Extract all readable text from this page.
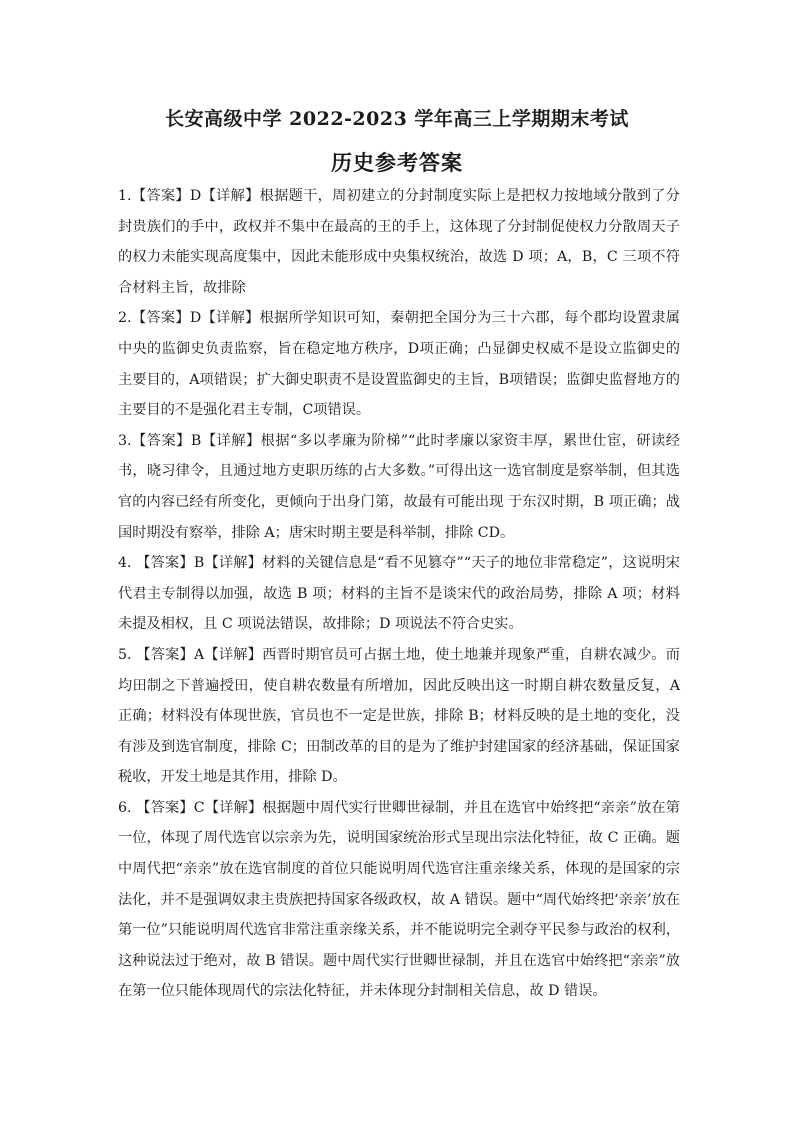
长安高级中学 2022-2023 学年高三上学期期末考试
历史参考答案

1.【答案】D【详解】根据题干，周初建立的分封制度实际上是把权力按地域分散到了分封贵族们的手中，政权并不集中在最高的王的手上，这体现了分封制促使权力分散周天子的权力未能实现高度集中，因此未能形成中央集权统治，故选 D 项；A，B，C 三项不符合材料主旨，故排除

2.【答案】D【详解】根据所学知识可知，秦朝把全国分为三十六郡，每个郡均设置隶属中央的监御史负责监察，旨在稳定地方秩序，D项正确；凸显御史权威不是设立监御史的主要目的，A项错误；扩大御史职责不是设置监御史的主旨，B项错误；监御史监督地方的主要目的不是强化君主专制，C项错误。

3.【答案】B【详解】根据“多以孝廉为阶梯”“此时孝廉以家资丰厚，累世仕宦，研读经书，晓习律令，且通过地方吏职历练的占大多数。”可得出这一选官制度是察举制，但其选官的内容已经有所变化，更倾向于出身门第，故最有可能出现 于东汉时期，B 项正确；战国时期没有察举，排除 A；唐宋时期主要是科举制，排除 CD。

4. 【答案】B【详解】材料的关键信息是“看不见篡夺”“天子的地位非常稳定”，这说明宋代君主专制得以加强，故选 B 项；材料的主旨不是谈宋代的政治局势，排除 A 项；材料未提及相权，且 C 项说法错误，故排除；D 项说法不符合史实。

5. 【答案】A【详解】西晋时期官员可占据土地，使土地兼并现象严重，自耕农减少。而均田制之下普遍授田，使自耕农数量有所增加，因此反映出这一时期自耕农数量反复，A 正确；材料没有体现世族，官员也不一定是世族，排除 B；材料反映的是土地的变化，没有涉及到选官制度，排除 C；田制改革的目的是为了维护封建国家的经济基础，保证国家税收，开发土地是其作用，排除 D。

6. 【答案】C【详解】根据题中周代实行世卿世禄制，并且在选官中始终把“亲亲”放在第一位，体现了周代选官以宗亲为先，说明国家统治形式呈现出宗法化特征，故 C 正确。题中周代把“亲亲”放在选官制度的首位只能说明周代选官注重亲缘关系，体现的是国家的宗法化，并不是强调奴隶主贵族把持国家各级政权，故 A 错误。题中“周代始终把‘亲亲’放在第一位”只能说明周代选官非常注重亲缘关系，并不能说明完全剥夺平民参与政治的权利，这种说法过于绝对，故 B 错误。题中周代实行世卿世禄制，并且在选官中始终把“亲亲”放在第一位只能体现周代的宗法化特征，并未体现分封制相关信息，故 D 错误。
